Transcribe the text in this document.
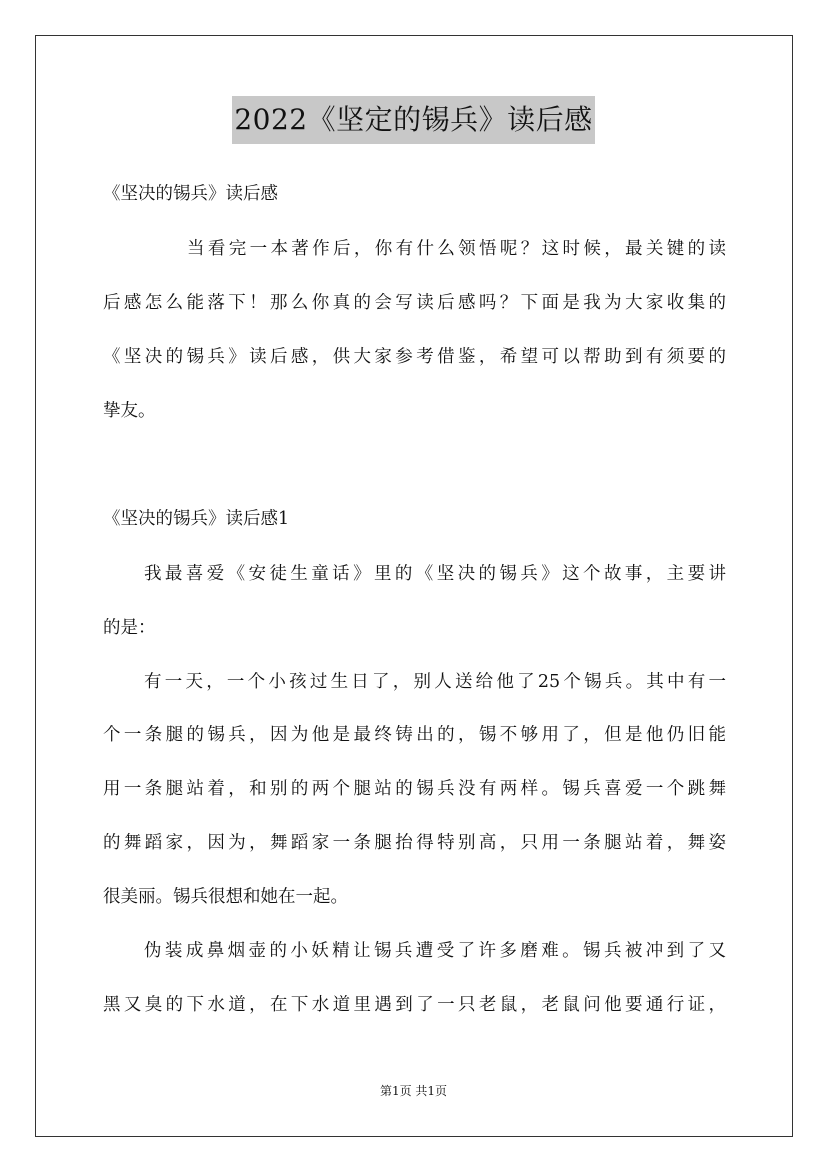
2022《坚定的锡兵》读后感
《坚决的锡兵》读后感
当看完一本著作后，你有什么领悟呢？这时候，最关键的读
后感怎么能落下！那么你真的会写读后感吗？下面是我为大家收集的
《坚决的锡兵》读后感，供大家参考借鉴，希望可以帮助到有须要的
挚友。
《坚决的锡兵》读后感1
我最喜爱《安徒生童话》里的《坚决的锡兵》这个故事，主要讲
的是：
有一天，一个小孩过生日了，别人送给他了25个锡兵。其中有一
个一条腿的锡兵，因为他是最终铸出的，锡不够用了，但是他仍旧能
用一条腿站着，和别的两个腿站的锡兵没有两样。锡兵喜爱一个跳舞
的舞蹈家，因为，舞蹈家一条腿抬得特别高，只用一条腿站着，舞姿
很美丽。锡兵很想和她在一起。
伪装成鼻烟壶的小妖精让锡兵遭受了许多磨难。锡兵被冲到了又
黑又臭的下水道，在下水道里遇到了一只老鼠，老鼠问他要通行证，
第1页 共1页
